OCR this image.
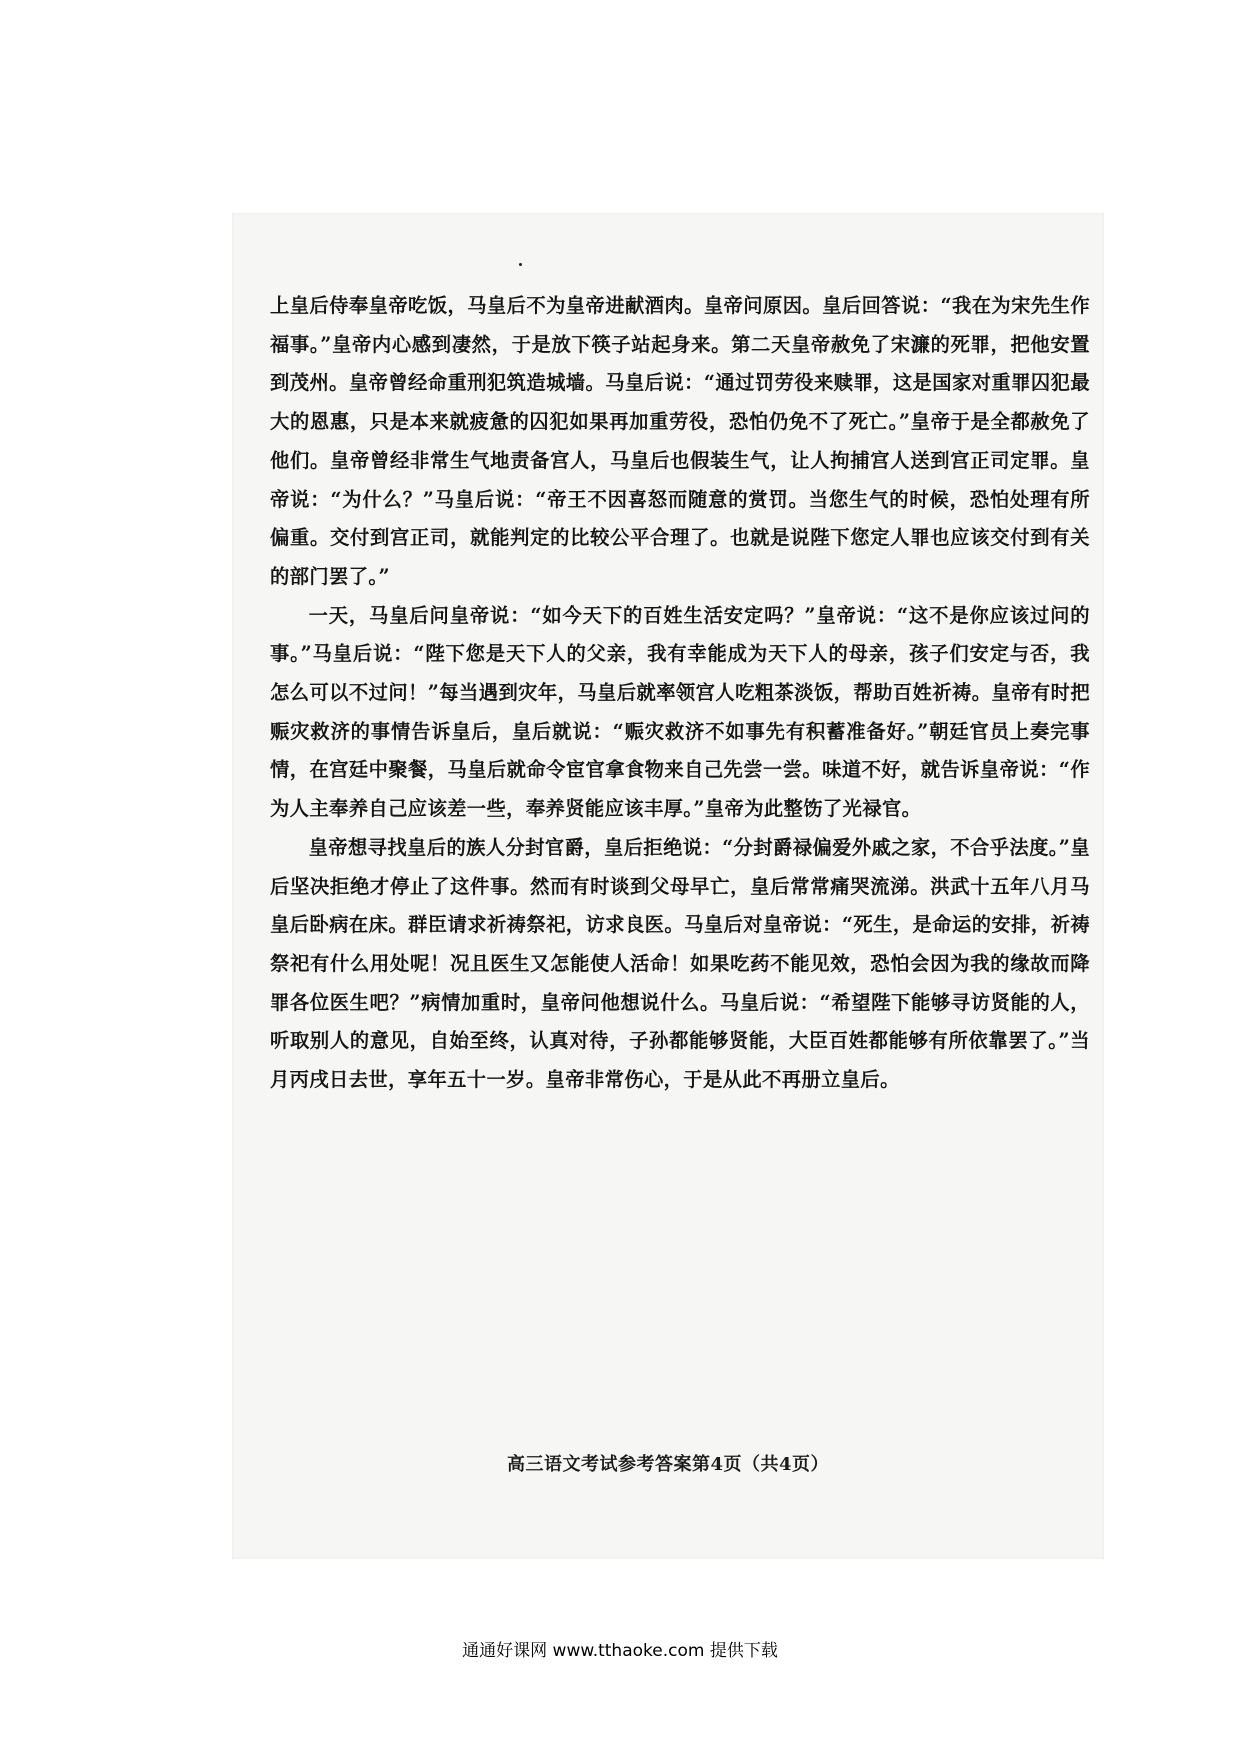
上皇后侍奉皇帝吃饭，马皇后不为皇帝进献酒肉。皇帝问原因。皇后回答说：“我在为宋先生作福事。”皇帝内心感到凄然，于是放下筷子站起身来。第二天皇帝赦免了宋濂的死罪，把他安置到茂州。皇帝曾经命重刑犯筑造城墙。马皇后说：“通过罚劳役来赎罪，这是国家对重罪囚犯最大的恩惠，只是本来就疲惫的囚犯如果再加重劳役，恐怕仍免不了死亡。”皇帝于是全都赦免了他们。皇帝曾经非常生气地责备宫人，马皇后也假装生气，让人拘捕宫人送到宫正司定罪。皇帝说：“为什么？”马皇后说：“帝王不因喜怒而随意的赏罚。当您生气的时候，恐怕处理有所偏重。交付到宫正司，就能判定的比较公平合理了。也就是说陛下您定人罪也应该交付到有关的部门罢了。”

一天，马皇后问皇帝说：“如今天下的百姓生活安定吗？”皇帝说：“这不是你应该过问的事。”马皇后说：“陛下您是天下人的父亲，我有幸能成为天下人的母亲，孩子们安定与否，我怎么可以不过问！”每当遇到灾年，马皇后就率领宫人吃粗茶淡饭，帮助百姓祈祷。皇帝有时把赈灾救济的事情告诉皇后，皇后就说：“赈灾救济不如事先有积蓄准备好。”朝廷官员上奏完事情，在宫廷中聚餐，马皇后就命令宦官拿食物来自己先尝一尝。味道不好，就告诉皇帝说：“作为人主奉养自己应该差一些，奉养贤能应该丰厚。”皇帝为此整饬了光禄官。

皇帝想寻找皇后的族人分封官爵，皇后拒绝说：“分封爵禄偏爱外戚之家，不合乎法度。”皇后坚决拒绝才停止了这件事。然而有时谈到父母早亡，皇后常常痛哭流涕。洪武十五年八月马皇后卧病在床。群臣请求祈祷祭祀，访求良医。马皇后对皇帝说：“死生，是命运的安排，祈祷祭祀有什么用处呢！况且医生又怎能使人活命！如果吃药不能见效，恐怕会因为我的缘故而降罪各位医生吧？”病情加重时，皇帝问他想说什么。马皇后说：“希望陛下能够寻访贤能的人，听取别人的意见，自始至终，认真对待，子孙都能够贤能，大臣百姓都能够有所依靠罢了。”当月丙戌日去世，享年五十一岁。皇帝非常伤心，于是从此不再册立皇后。

高三语文考试参考答案第4页（共4页）
通通好课网 www.tthaoke.com 提供下载
